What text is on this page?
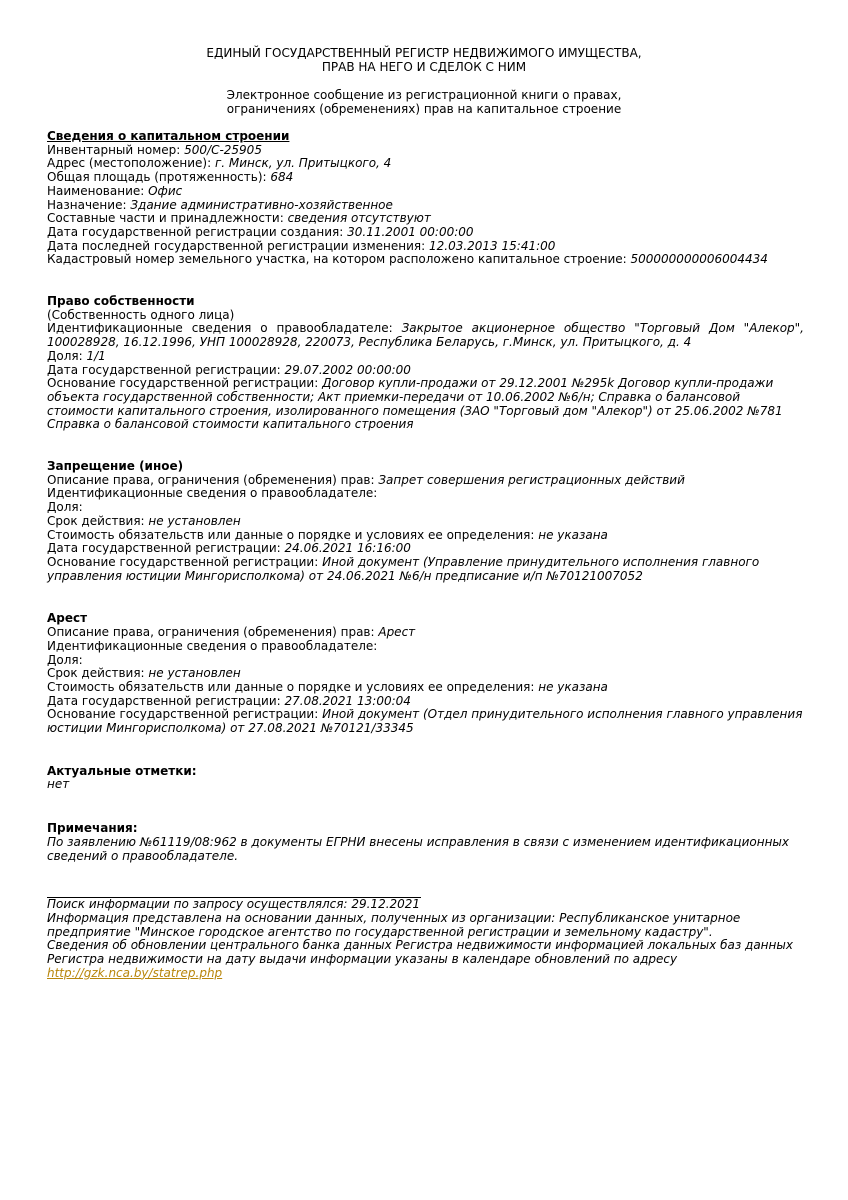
ЕДИНЫЙ ГОСУДАРСТВЕННЫЙ РЕГИСТР НЕДВИЖИМОГО ИМУЩЕСТВА,
ПРАВ НА НЕГО И СДЕЛОК С НИМ
Электронное сообщение из регистрационной книги о правах,
ограничениях (обременениях) прав на капитальное строение
Сведения о капитальном строении
Инвентарный номер: 500/C-25905
Адрес (местоположение): г. Минск, ул. Притыцкого, 4
Общая площадь (протяженность): 684
Наименование: Офис
Назначение: Здание административно-хозяйственное
Составные части и принадлежности: сведения отсутствуют
Дата государственной регистрации создания: 30.11.2001 00:00:00
Дата последней государственной регистрации изменения: 12.03.2013 15:41:00
Кадастровый номер земельного участка, на котором расположено капитальное строение: 500000000006004434
Право собственности
(Собственность одного лица)
Идентификационные сведения о правообладателе: Закрытое акционерное общество "Торговый Дом "Алекор", 100028928, 16.12.1996, УНП 100028928, 220073, Республика Беларусь, г.Минск, ул. Притыцкого, д. 4
Доля: 1/1
Дата государственной регистрации: 29.07.2002 00:00:00
Основание государственной регистрации: Договор купли-продажи от 29.12.2001 №295k Договор купли-продажи объекта государственной собственности; Акт приемки-передачи от 10.06.2002 №6/н; Справка о балансовой стоимости капитального строения, изолированного помещения (ЗАО "Торговый дом "Алекор") от 25.06.2002 №781 Справка о балансовой стоимости капитального строения
Запрещение (иное)
Описание права, ограничения (обременения) прав: Запрет совершения регистрационных действий
Идентификационные сведения о правообладателе:
Доля:
Срок действия: не установлен
Стоимость обязательств или данные о порядке и условиях ее определения: не указана
Дата государственной регистрации: 24.06.2021 16:16:00
Основание государственной регистрации: Иной документ (Управление принудительного исполнения главного управления юстиции Мингорисполкома) от 24.06.2021 №6/н предписание и/п №70121007052
Арест
Описание права, ограничения (обременения) прав: Арест
Идентификационные сведения о правообладателе:
Доля:
Срок действия: не установлен
Стоимость обязательств или данные о порядке и условиях ее определения: не указана
Дата государственной регистрации: 27.08.2021 13:00:04
Основание государственной регистрации: Иной документ (Отдел принудительного исполнения главного управления юстиции Мингорисполкома) от 27.08.2021 №70121/33345
Актуальные отметки:
нет
Примечания:
По заявлению №61119/08:962 в документы ЕГРНИ внесены исправления в связи с изменением идентификационных сведений о правообладателе.
Поиск информации по запросу осуществлялся: 29.12.2021
Информация представлена на основании данных, полученных из организации: Республиканское унитарное предприятие "Минское городское агентство по государственной регистрации и земельному кадастру".
Сведения об обновлении центрального банка данных Регистра недвижимости информацией локальных баз данных Регистра недвижимости на дату выдачи информации указаны в календаре обновлений по адресу
http://gzk.nca.by/statrep.php
